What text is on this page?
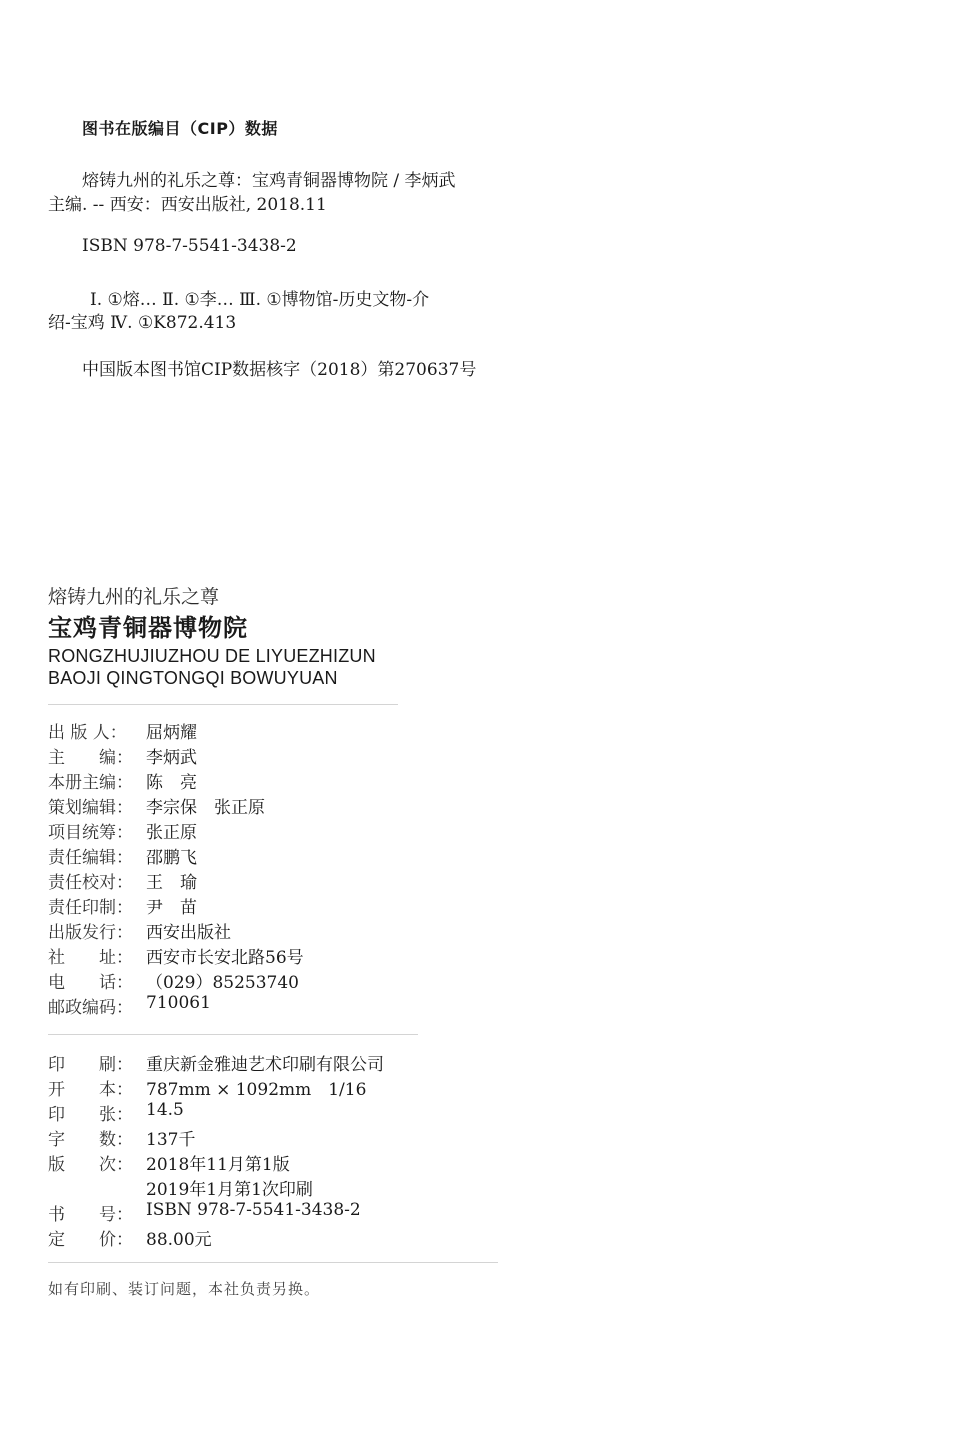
图书在版编目（CIP）数据
熔铸九州的礼乐之尊：宝鸡青铜器博物院 / 李炳武
主编. -- 西安：西安出版社, 2018.11
ISBN 978-7-5541-3438-2
Ⅰ. ①熔… Ⅱ. ①李… Ⅲ. ①博物馆-历史文物-介
绍-宝鸡 Ⅳ. ①K872.413
中国版本图书馆CIP数据核字（2018）第270637号
熔铸九州的礼乐之尊
宝鸡青铜器博物院
RONGZHUJIUZHOU DE LIYUEZHIZUN
BAOJI QINGTONGQI BOWUYUAN
出 版 人：	屈炳耀
主　　编： 李炳武
本册主编： 陈　亮
策划编辑： 李宗保　张正原
项目统筹： 张正原
责任编辑： 邵鹏飞
责任校对： 王　瑜
责任印制： 尹　苗
出版发行： 西安出版社
社　　址： 西安市长安北路56号
电　　话： （029）85253740
邮政编码： 710061
印　　刷： 重庆新金雅迪艺术印刷有限公司
开　　本： 787mm × 1092mm　1/16
印　　张： 14.5
字　　数： 137千
版　　次： 2018年11月第1版
2019年1月第1次印刷
书　　号： ISBN 978-7-5541-3438-2
定　　价： 88.00元
如有印刷、装订问题，本社负责另换。
